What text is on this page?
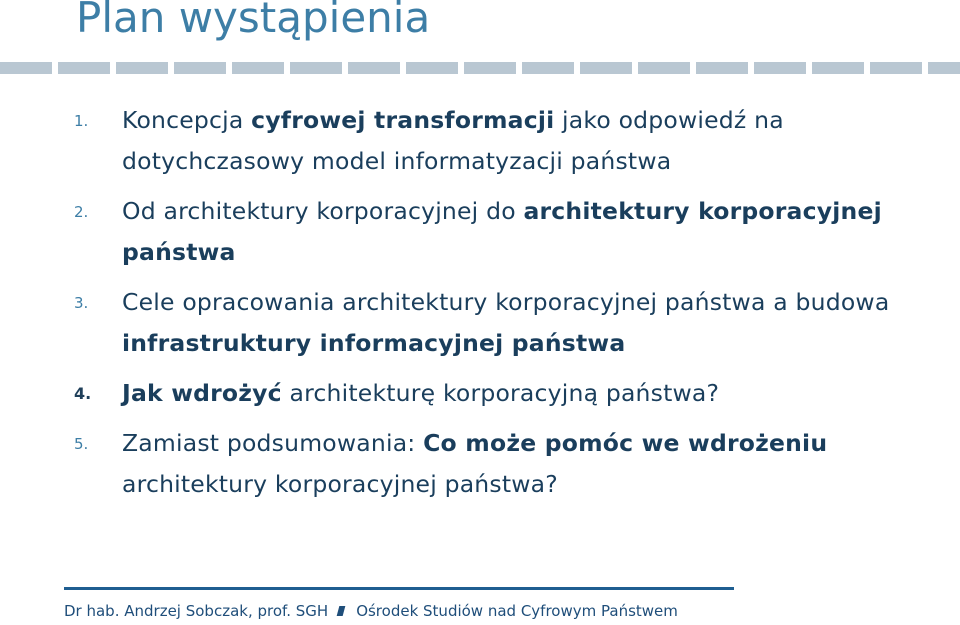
Plan wystąpienia
1. Koncepcja cyfrowej transformacji jako odpowiedź na dotychczasowy model informatyzacji państwa
2. Od architektury korporacyjnej do architektury korporacyjnej państwa
3. Cele opracowania architektury korporacyjnej państwa a budowa infrastruktury informacyjnej państwa
4. Jak wdrożyć architekturę korporacyjną państwa?
5. Zamiast podsumowania: Co może pomóc we wdrożeniu architektury korporacyjnej państwa?
Dr hab. Andrzej Sobczak, prof. SGH Ośrodek Studiów nad Cyfrowym Państwem
